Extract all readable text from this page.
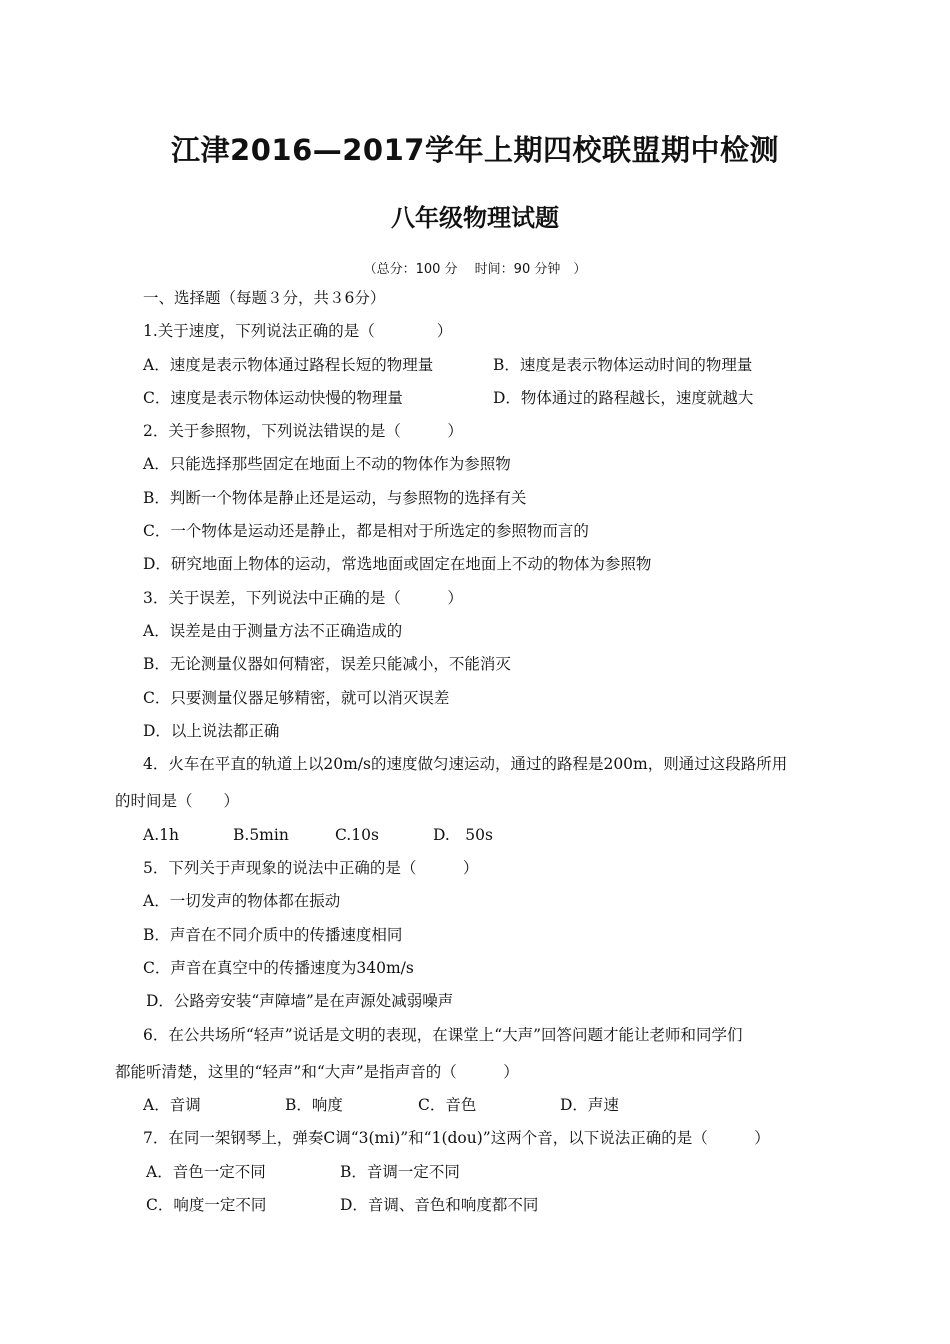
江津2016—2017学年上期四校联盟期中检测
八年级物理试题
（总分：100 分　 时间：90 分钟　）
一、选择题（每题３分，共３6分）
1.关于速度，下列说法正确的是（　　　　）
A．速度是表示物体通过路程长短的物理量	B．速度是表示物体运动时间的物理量
C．速度是表示物体运动快慢的物理量	D．物体通过的路程越长，速度就越大
2．关于参照物，下列说法错误的是（　　　）
A．只能选择那些固定在地面上不动的物体作为参照物
B．判断一个物体是静止还是运动，与参照物的选择有关
C．一个物体是运动还是静止，都是相对于所选定的参照物而言的
D．研究地面上物体的运动，常选地面或固定在地面上不动的物体为参照物
3．关于误差，下列说法中正确的是（　　　）
A．误差是由于测量方法不正确造成的
B．无论测量仪器如何精密，误差只能减小，不能消灭
C．只要测量仪器足够精密，就可以消灭误差
D．以上说法都正确
4．火车在平直的轨道上以20m/s的速度做匀速运动，通过的路程是200m，则通过这段路所用
的时间是（　　）
A.1h	B.5min	C.10s	D.　50s
5．下列关于声现象的说法中正确的是（　　　）
A．一切发声的物体都在振动
B．声音在不同介质中的传播速度相同
C．声音在真空中的传播速度为340m/s
D．公路旁安装“声障墙”是在声源处减弱噪声
6．在公共场所“轻声”说话是文明的表现，在课堂上“大声”回答问题才能让老师和同学们
都能听清楚，这里的“轻声”和“大声”是指声音的（　　　）
A．音调	B．响度	C．音色	D．声速
7．在同一架钢琴上，弹奏C调“3(mi)”和“1(dou)”这两个音，以下说法正确的是（　　　）
A．音色一定不同	B．音调一定不同
C．响度一定不同	D．音调、音色和响度都不同
